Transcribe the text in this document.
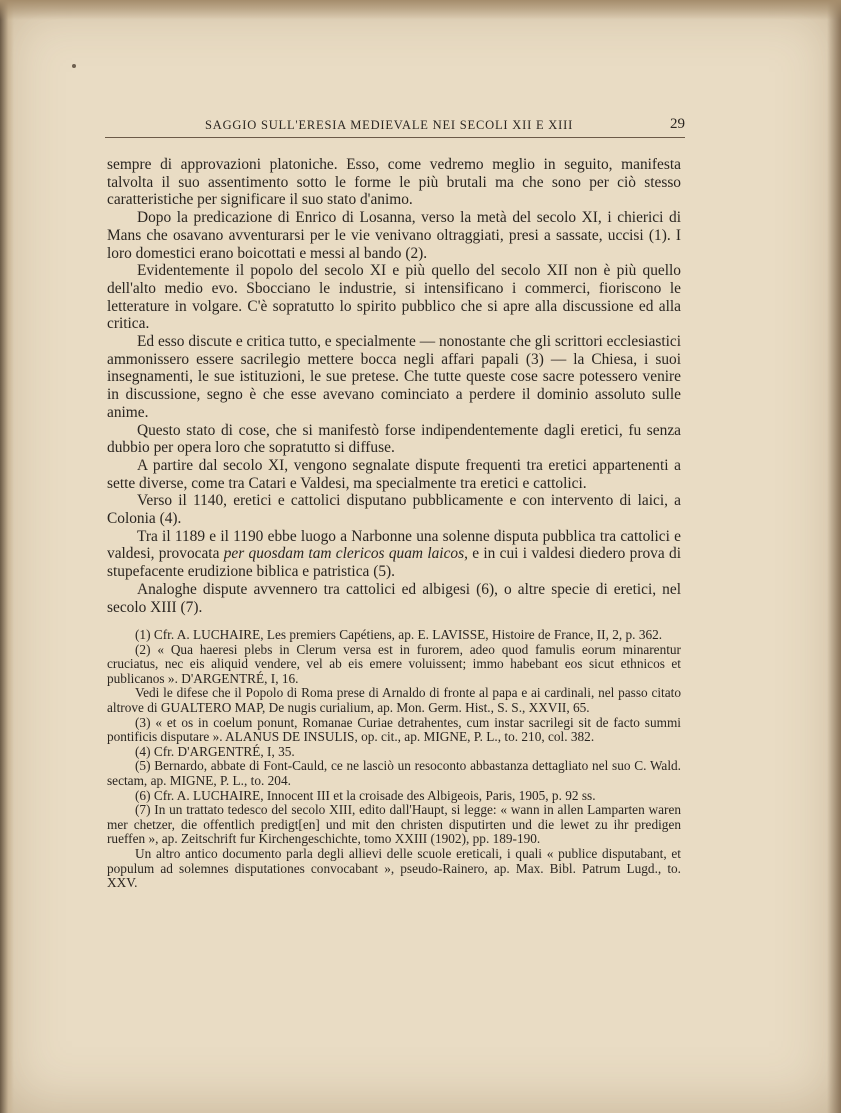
SAGGIO SULL'ERESIA MEDIEVALE NEI SECOLI XII E XIII	29

sempre di approvazioni platoniche. Esso, come vedremo meglio in seguito, manifesta talvolta il suo assentimento sotto le forme le più brutali ma che sono per ciò stesso caratteristiche per significare il suo stato d'animo.

Dopo la predicazione di Enrico di Losanna, verso la metà del secolo XI, i chierici di Mans che osavano avventurarsi per le vie venivano oltraggiati, presi a sassate, uccisi (1). I loro domestici erano boicottati e messi al bando (2).

Evidentemente il popolo del secolo XI e più quello del secolo XII non è più quello dell'alto medio evo. Sbocciano le industrie, si intensificano i commerci, fioriscono le letterature in volgare. C'è sopratutto lo spirito pubblico che si apre alla discussione ed alla critica.

Ed esso discute e critica tutto, e specialmente — nonostante che gli scrittori ecclesiastici ammonissero essere sacrilegio mettere bocca negli affari papali (3) — la Chiesa, i suoi insegnamenti, le sue istituzioni, le sue pretese. Che tutte queste cose sacre potessero venire in discussione, segno è che esse avevano cominciato a perdere il dominio assoluto sulle anime.

Questo stato di cose, che si manifestò forse indipendentemente dagli eretici, fu senza dubbio per opera loro che sopratutto si diffuse.

A partire dal secolo XI, vengono segnalate dispute frequenti tra eretici appartenenti a sette diverse, come tra Catari e Valdesi, ma specialmente tra eretici e cattolici.

Verso il 1140, eretici e cattolici disputano pubblicamente e con intervento di laici, a Colonia (4).

Tra il 1189 e il 1190 ebbe luogo a Narbonne una solenne disputa pubblica tra cattolici e valdesi, provocata per quosdam tam clericos quam laicos, e in cui i valdesi diedero prova di stupefacente erudizione biblica e patristica (5).

Analoghe dispute avvennero tra cattolici ed albigesi (6), o altre specie di eretici, nel secolo XIII (7).

(1) Cfr. A. LUCHAIRE, Les premiers Capétiens, ap. E. LAVISSE, Histoire de France, II, 2, p. 362.

(2) « Qua haeresi plebs in Clerum versa est in furorem, adeo quod famulis eorum minarentur cruciatus, nec eis aliquid vendere, vel ab eis emere voluissent; immo habebant eos sicut ethnicos et publicanos ». D'ARGENTRÉ, I, 16.

Vedi le difese che il Popolo di Roma prese di Arnaldo di fronte al papa e ai cardinali, nel passo citato altrove di GUALTERO MAP, De nugis curialium, ap. Mon. Germ. Hist., S. S., XXVII, 65.

(3) « et os in coelum ponunt, Romanae Curiae detrahentes, cum instar sacrilegi sit de facto summi pontificis disputare ». ALANUS DE INSULIS, op. cit., ap. MIGNE, P. L., to. 210, col. 382.

(4) Cfr. D'ARGENTRÉ, I, 35.

(5) Bernardo, abbate di Font-Cauld, ce ne lasciò un resoconto abbastanza dettagliato nel suo C. Wald. sectam, ap. MIGNE, P. L., to. 204.

(6) Cfr. A. LUCHAIRE, Innocent III et la croisade des Albigeois, Paris, 1905, p. 92 ss.

(7) In un trattato tedesco del secolo XIII, edito dall'Haupt, si legge: « wann in allen Lamparten waren mer chetzer, die offentlich predigt[en] und mit den christen disputirten und die lewet zu ihr predigen rueffen », ap. Zeitschrift fur Kirchengeschichte, tomo XXIII (1902), pp. 189-190.

Un altro antico documento parla degli allievi delle scuole ereticali, i quali « publice disputabant, et populum ad solemnes disputationes convocabant », pseudo-Rainero, ap. Max. Bibl. Patrum Lugd., to. XXV.
